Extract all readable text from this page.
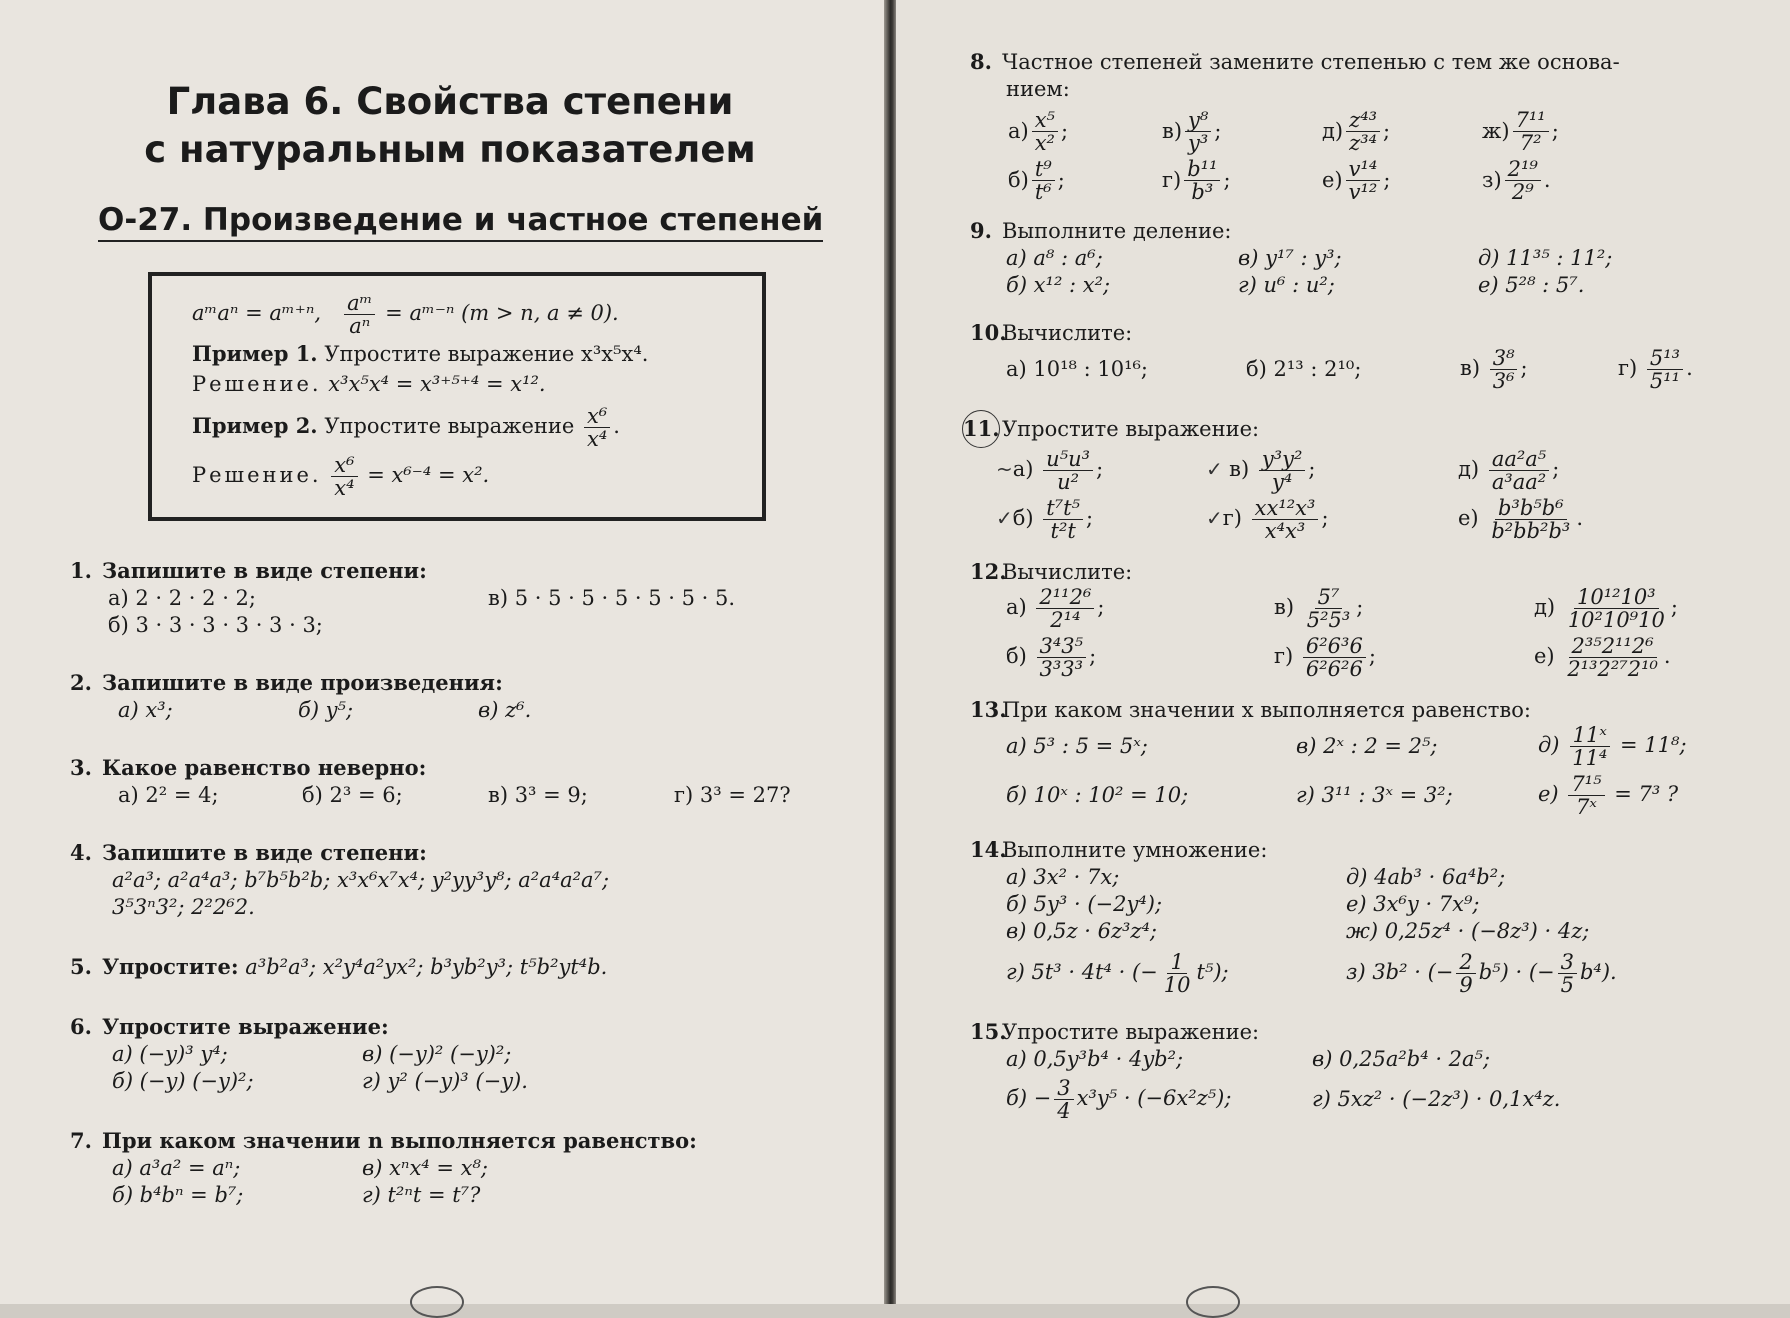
Глава 6. Свойства степени
с натуральным показателем
О-27. Произведение и частное степеней
aᵐaⁿ = aᵐ⁺ⁿ, $\frac{\text{aᵐ}}{\text{aⁿ}}$ = aᵐ⁻ⁿ (m > n, a ≠ 0).
Пример 1. Упростите выражение x³x⁵x⁴.
Решение. x³x⁵x⁴ = x³⁺⁵⁺⁴ = x¹².
Пример 2. Упростите выражение $\frac{\text{x⁶}}{\text{x⁴}}$ .
Решение. $\frac{\text{x⁶}}{\text{x⁴}} = x^{6-4} = x^2$.
1. Запишите в виде степени:
а) 2 · 2 · 2 · 2;	в) 5 · 5 · 5 · 5 · 5 · 5 · 5.
б) 3 · 3 · 3 · 3 · 3 · 3;
2. Запишите в виде произведения:
а) x³;	б) y⁵;	в) z⁶.
3. Какое равенство неверно:
а) 2² = 4;	б) 2³ = 6;	в) 3³ = 9;	г) 3³ = 27?
4. Запишите в виде степени:
a²a³; a²a⁴a³; b⁷b⁵b²b; x³x⁶x⁷x⁴; y²yy³y⁸; a²a⁴a²a⁷;
3⁵3ⁿ3²; 2²2⁶2.
5. Упростите: a³b²a³; x²y⁴a²yx²; b³yb²y³; t⁵b²yt⁴b.
6. Упростите выражение:
а) (−y)³ y⁴;	в) (−y)² (−y)²;
б) (−y) (−y)²;	г) y² (−y)³ (−y).
7. При каком значении n выполняется равенство:
а) a³a² = aⁿ;	в) xⁿx⁴ = x⁸;
б) b⁴bⁿ = b⁷;	г) t²ⁿt = t⁷?
8. Частное степеней замените степенью с тем же основа-
нием:
$а) \frac{\text{x⁵}}{\text{x²}}$ ;	$в) \frac{\text{y⁸}}{\text{y³}}$ ;	$д) \frac{\text{z⁴³}}{\text{z³⁴}}$ ;	$ж) \frac{\text{7¹¹}}{\text{7²}}$ ;
$б) \frac{\text{t⁹}}{\text{t⁶}}$ ;	$г) \frac{\text{b¹¹}}{\text{b³}}$ ;	$е) \frac{\text{v¹⁴}}{\text{v¹²}}$ ;	$з) \frac{\text{2¹⁹}}{\text{2⁹}}$ .
9. Выполните деление:
а) a⁸ : a⁶;	в) y¹⁷ : y³;	д) 11³⁵ : 11²;
б) x¹² : x²;	г) u⁶ : u²;	е) 5²⁸ : 5⁷.
10.Вычислите:
а) 10¹⁸ : 10¹⁶;	б) 2¹³ : 2¹⁰;	$в) \frac{\text{3⁸}}{\text{3⁶}}$ ;	$г) \frac{\text{5¹³}}{\text{5¹¹}}$ .
11. Упростите выражение:
~а) $\frac{\text{u⁵u³}}{\text{u²}}$ ;	✓ $в) \frac{\text{y³y²}}{\text{y⁴}}$ ;	$д) \frac{\text{aa²a⁵}}{\text{a³aa²}}$ ;
✓б) $\frac{\text{t⁷t⁵}}{\text{t²t}}$ ;	✓г) $\frac{\text{xx¹²x³}}{\text{x⁴x³}}$ ;	$е) \frac{\text{b³b⁵b⁶}}{\text{b²bb²b³}}$ .
12.Вычислите:
$а) \frac{\text{2¹¹2⁶}}{\text{2¹⁴}}$ ;	$в) \frac{\text{5⁷}}{\text{5²5³}}$ ;	$д) \frac{\text{10¹²10³}}{\text{10²10⁹10}}$ ;
$б) \frac{\text{3⁴3⁵}}{\text{3³3³}}$ ;	$г) \frac{\text{6²6³6}}{\text{6²6²6}}$ ;	$е) \frac{\text{2³⁵2¹¹2⁶}}{\text{2¹³2²⁷2¹⁰}}$ .
13.При каком значении x выполняется равенство:
а) 5³ : 5 = 5ˣ;	в) 2ˣ : 2 = 2⁵;	$д) \frac{\text{11ˣ}}{\text{11⁴}} = 11^8$;
б) 10ˣ : 10² = 10;	г) 3¹¹ : 3ˣ = 3²;	$е) \frac{\text{7¹⁵}}{\text{7ˣ}} = 7^3$ ?
14.Выполните умножение:
а) 3x² · 7x;	д) 4ab³ · 6a⁴b²;
б) 5y³ · (−2y⁴);	е) 3x⁶y · 7x⁹;
в) 0,5z · 6z³z⁴;	ж) 0,25z⁴ · (−8z³) · 4z;
г) 5t³ · 4t⁴ · (− $\frac{1}{10} t^5$);	з) 3b² · (− $\frac{2}{9} b^5$) · (− $\frac{3}{5} b^4$).
15.Упростите выражение:
а) 0,5y³b⁴ · 4yb²;	в) 0,25a²b⁴ · 2a⁵;
$б) - \frac{3}{4} x^3y^5 \cdot (-6x^2z^5)$;	г) 5xz² · (−2z³) · 0,1x⁴z.
